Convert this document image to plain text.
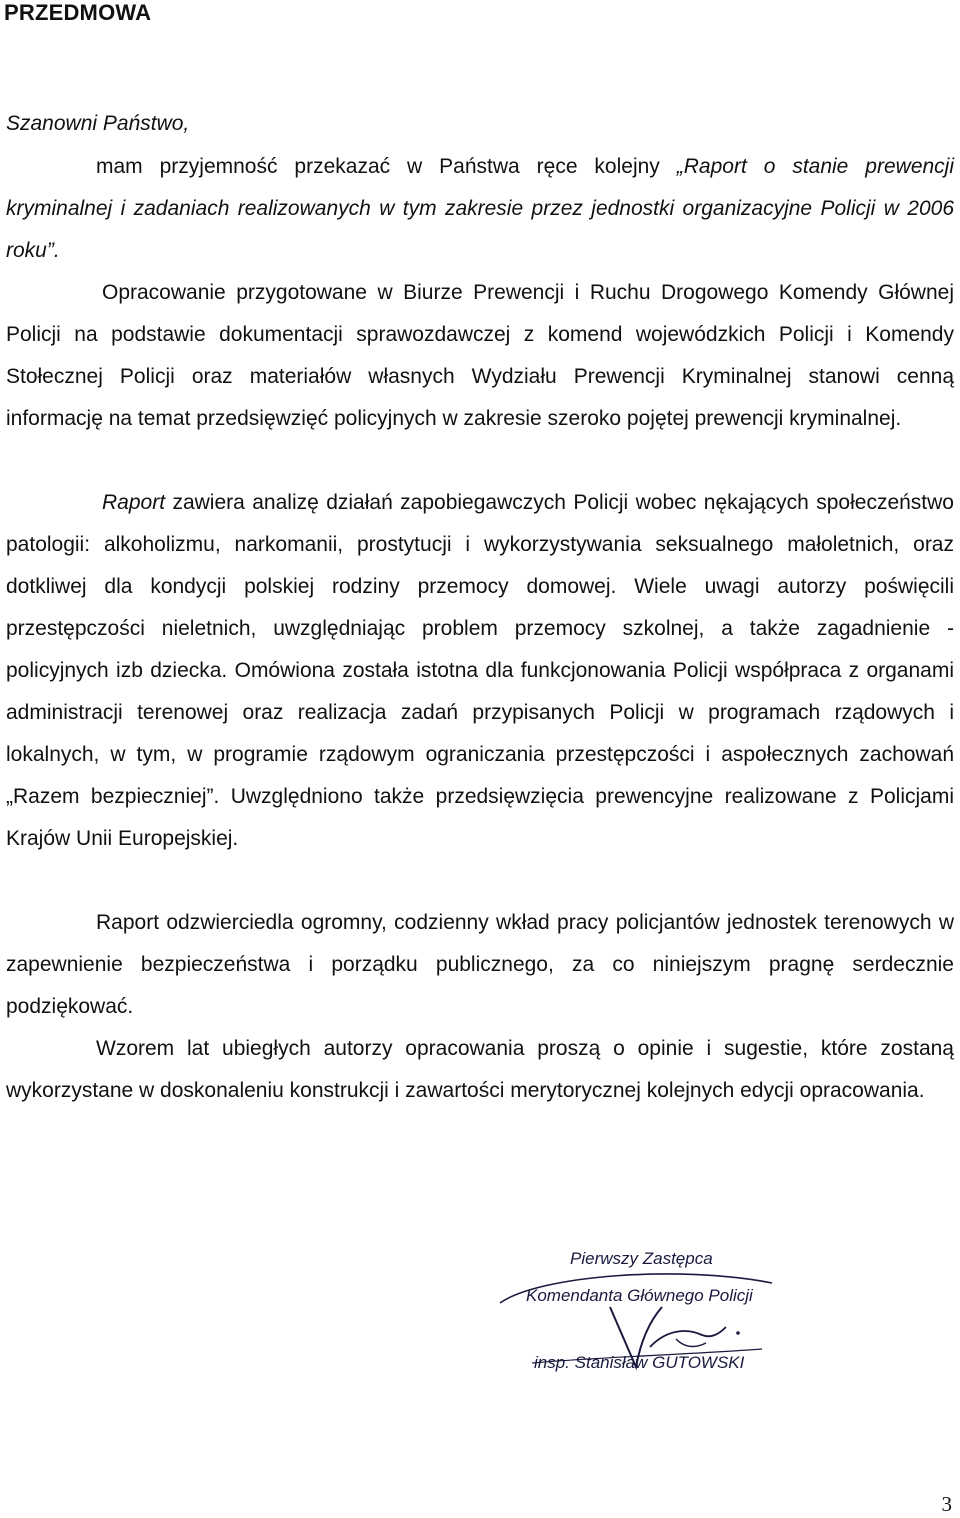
PRZEDMOWA

Szanowni Państwo,

mam przyjemność przekazać w Państwa ręce kolejny „Raport o stanie prewencji kryminalnej i zadaniach realizowanych w tym zakresie przez jednostki organizacyjne Policji w 2006 roku”.

Opracowanie przygotowane w Biurze Prewencji i Ruchu Drogowego Komendy Głównej Policji na podstawie dokumentacji sprawozdawczej z komend wojewódzkich Policji i Komendy Stołecznej Policji oraz materiałów własnych Wydziału Prewencji Kryminalnej stanowi cenną informację na temat przedsięwzięć policyjnych w zakresie szeroko pojętej prewencji kryminalnej.

Raport zawiera analizę działań zapobiegawczych Policji wobec nękających społeczeństwo patologii: alkoholizmu, narkomanii, prostytucji i wykorzystywania seksualnego małoletnich, oraz dotkliwej dla kondycji polskiej rodziny przemocy domowej. Wiele uwagi autorzy poświęcili przestępczości nieletnich, uwzględniając problem przemocy szkolnej, a także zagadnienie - policyjnych izb dziecka. Omówiona została istotna dla funkcjonowania Policji współpraca z organami administracji terenowej oraz realizacja zadań przypisanych Policji w programach rządowych i lokalnych, w tym, w programie rządowym ograniczania przestępczości i aspołecznych zachowań „Razem bezpieczniej”. Uwzględniono także przedsięwzięcia prewencyjne realizowane z Policjami Krajów Unii Europejskiej.

Raport odzwierciedla ogromny, codzienny wkład pracy policjantów jednostek terenowych w zapewnienie bezpieczeństwa i porządku publicznego, za co niniejszym pragnę serdecznie podziękować.

Wzorem lat ubiegłych autorzy opracowania proszą o opinie i sugestie, które zostaną wykorzystane w doskonaleniu konstrukcji i zawartości merytorycznej kolejnych edycji opracowania.

Pierwszy Zastępca
Komendanta Głównego Policji
insp. Stanisław GUTOWSKI
3
